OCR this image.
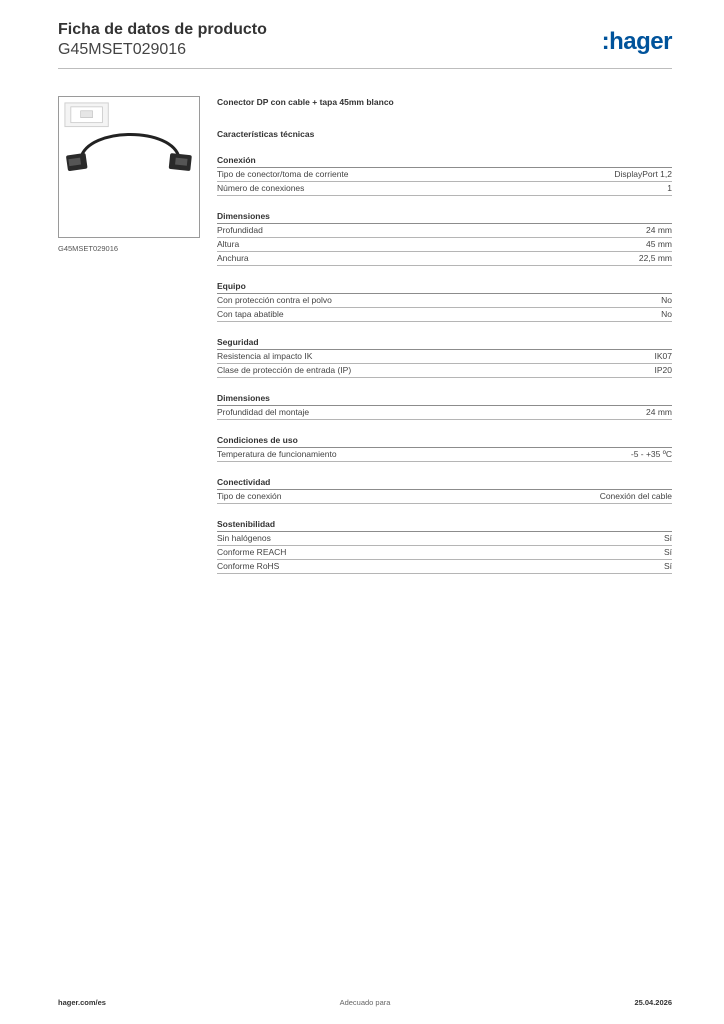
Ficha de datos de producto
G45MSET029016	:hager
G45MSET029016
Conector DP con cable + tapa 45mm blanco
Características técnicas
Conexión
Tipo de conector/toma de corriente	DisplayPort 1,2
Número de conexiones	1
Dimensiones
Profundidad	24 mm
Altura	45 mm
Anchura	22,5 mm
Equipo
Con protección contra el polvo	No
Con tapa abatible	No
Seguridad
Resistencia al impacto IK	IK07
Clase de protección de entrada (IP)	IP20
Dimensiones
Profundidad del montaje	24 mm
Condiciones de uso
Temperatura de funcionamiento	-5 - +35 ºC
Conectividad
Tipo de conexión	Conexión del cable
Sostenibilidad
Sin halógenos	Sí
Conforme REACH	Sí
Conforme RoHS	Sí
hager.com/es	Adecuado para	25.04.2026
